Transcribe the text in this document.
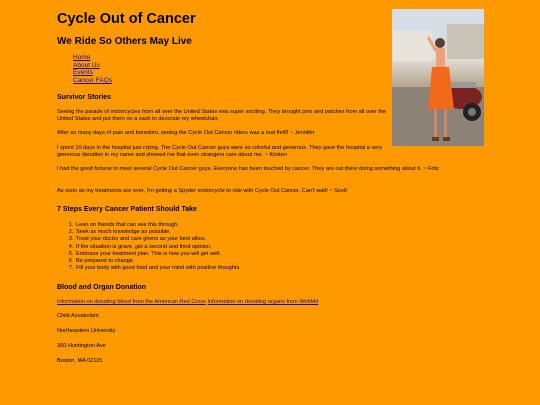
Cycle Out of Cancer
We Ride So Others May Live
Home
About Us
Events
Cancer FAQs
Survivor Stories

Seeing the parade of motorcycles from all over the United States was super exciting. They brought pins and patches from all over the United States and put them on a sash to decorate my wheelchair.

After so many days of pain and boredom, seeing the Cycle Out Cancer riders was a real thrill! ~ Jennifer

I spent 10 days in the hospital just crying. The Cycle Out Cancer guys were so colorful and generous. They gave the hospital a very generous donation in my name and showed me that even strangers care about me. ~ Kristen

I had the good fortune to meet several Cycle Out Cancer guys. Everyone has been touched by cancer. They are out there doing something about it. ~ Fritz

As soon as my treatments are over, I'm getting a Spyder motorcycle to ride with Cycle Out Cancer. Can't wait! ~ Scott

7 Steps Every Cancer Patient Should Take
1. Lean on friends that can see this through.
2. Seek as much knowledge as possible.
3. Treat your doctor and care givers as your best allies.
4. If the situation is grave, get a second and third opinion.
5. Embrace your treatment plan. This is how you will get well.
6. Be prepared to change.
7. Fill your body with good food and your mind with positive thoughts.
Blood and Organ Donation
Information on donating blood from the American Red Cross Information on donating organs from WebMd

Chidi Azuakolam

Northeastern University

360 Huntington Ave

Boston, MA 02115
